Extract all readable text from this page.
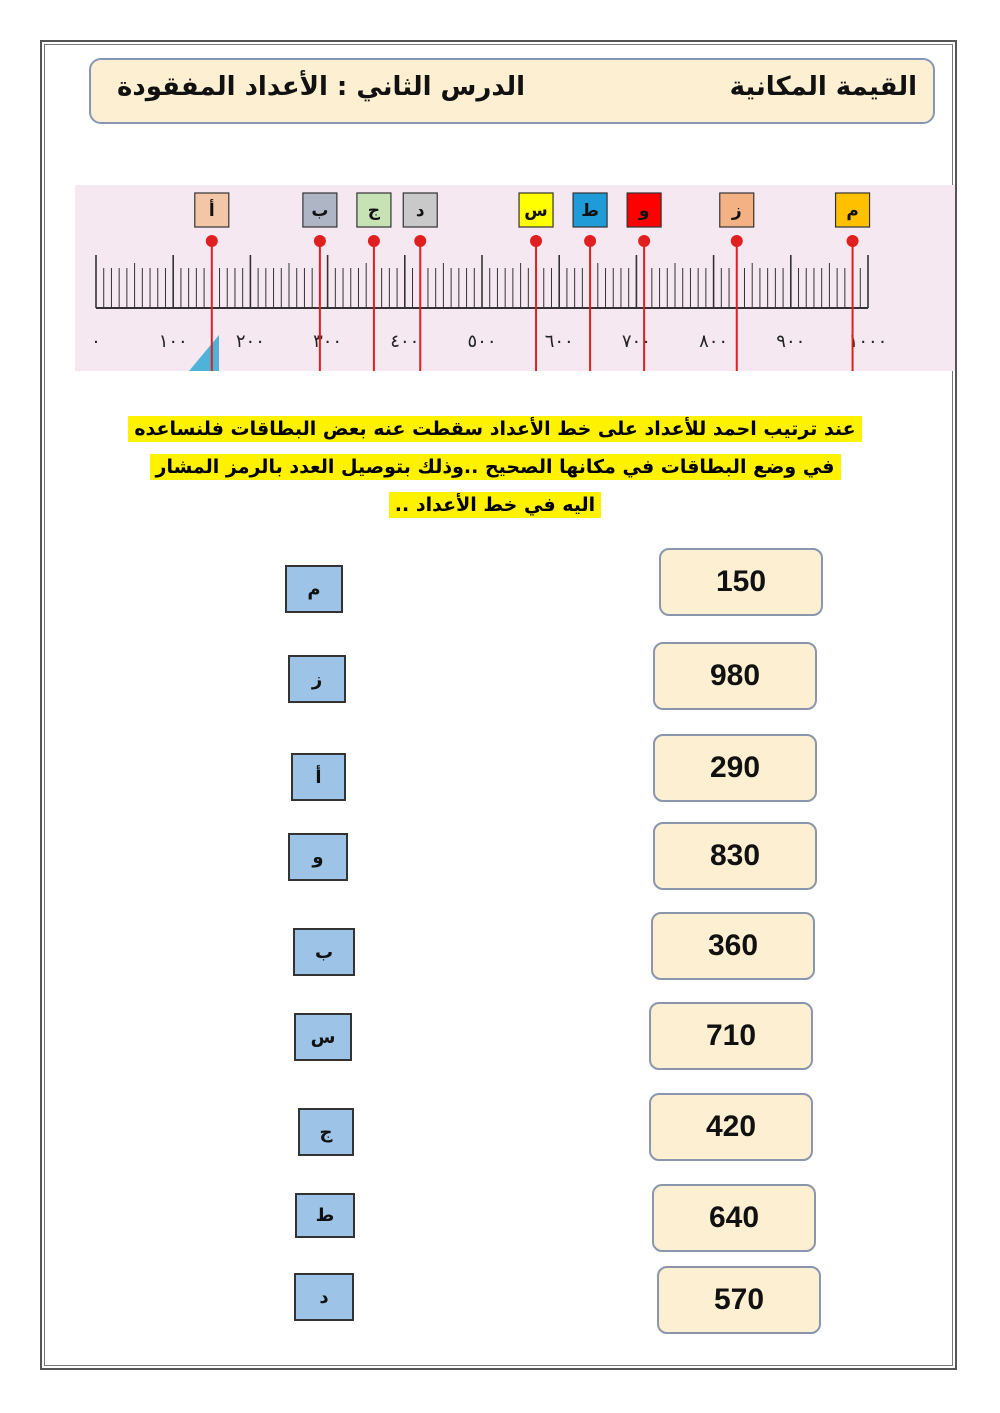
القيمة المكانية
الدرس الثاني : الأعداد المفقودة
٠	١٠٠	٢٠٠	٣٠٠	٤٠٠	٥٠٠	٦٠٠	٧٠٠	٨٠٠	٩٠٠ ١٠٠٠
أ	ب ج د	س ط و	ز	م
عند ترتيب احمد للأعداد على خط الأعداد سقطت عنه بعض البطاقات فلنساعده
في وضع البطاقات في مكانها الصحيح ..وذلك بتوصيل العدد بالرمز المشار
اليه في خط الأعداد ..
150
980
290
830
360
710
420
640
570
م
ز
أ
و
ب
س
ج
ط
د
